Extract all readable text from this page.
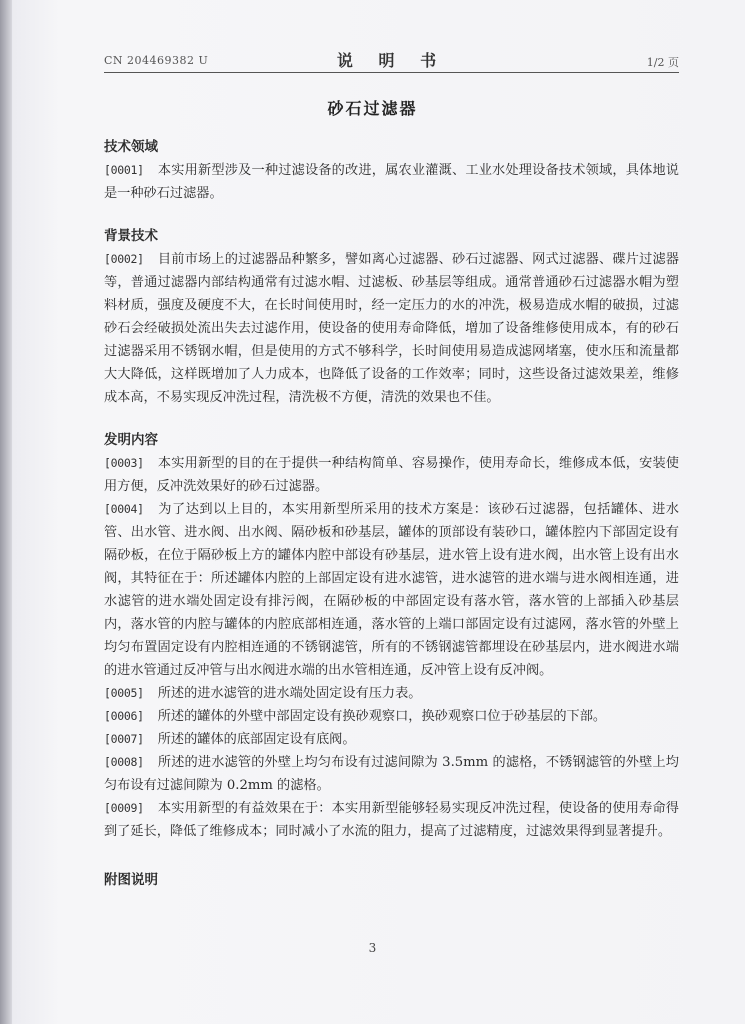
CN 204469382 U	说 明 书	1/2 页
砂石过滤器

技术领域

[0001] 本实用新型涉及一种过滤设备的改进，属农业灌溉、工业水处理设备技术领域，具体地说是一种砂石过滤器。

背景技术

[0002] 目前市场上的过滤器品种繁多，譬如离心过滤器、砂石过滤器、网式过滤器、碟片过滤器等，普通过滤器内部结构通常有过滤水帽、过滤板、砂基层等组成。通常普通砂石过滤器水帽为塑料材质，强度及硬度不大，在长时间使用时，经一定压力的水的冲洗，极易造成水帽的破损，过滤砂石会经破损处流出失去过滤作用，使设备的使用寿命降低，增加了设备维修使用成本，有的砂石过滤器采用不锈钢水帽，但是使用的方式不够科学，长时间使用易造成滤网堵塞，使水压和流量都大大降低，这样既增加了人力成本，也降低了设备的工作效率；同时，这些设备过滤效果差，维修成本高，不易实现反冲洗过程，清洗极不方便，清洗的效果也不佳。

发明内容

[0003] 本实用新型的目的在于提供一种结构简单、容易操作，使用寿命长，维修成本低，安装使用方便，反冲洗效果好的砂石过滤器。

[0004] 为了达到以上目的，本实用新型所采用的技术方案是：该砂石过滤器，包括罐体、进水管、出水管、进水阀、出水阀、隔砂板和砂基层，罐体的顶部设有装砂口，罐体腔内下部固定设有隔砂板，在位于隔砂板上方的罐体内腔中部设有砂基层，进水管上设有进水阀，出水管上设有出水阀，其特征在于：所述罐体内腔的上部固定设有进水滤管，进水滤管的进水端与进水阀相连通，进水滤管的进水端处固定设有排污阀，在隔砂板的中部固定设有落水管，落水管的上部插入砂基层内，落水管的内腔与罐体的内腔底部相连通，落水管的上端口部固定设有过滤网，落水管的外壁上均匀布置固定设有内腔相连通的不锈钢滤管，所有的不锈钢滤管都埋设在砂基层内，进水阀进水端的进水管通过反冲管与出水阀进水端的出水管相连通，反冲管上设有反冲阀。

[0005] 所述的进水滤管的进水端处固定设有压力表。

[0006] 所述的罐体的外壁中部固定设有换砂观察口，换砂观察口位于砂基层的下部。

[0007] 所述的罐体的底部固定设有底阀。

[0008] 所述的进水滤管的外壁上均匀布设有过滤间隙为 3.5mm 的滤格，不锈钢滤管的外壁上均匀布设有过滤间隙为 0.2mm 的滤格。

[0009] 本实用新型的有益效果在于：本实用新型能够轻易实现反冲洗过程，使设备的使用寿命得到了延长，降低了维修成本；同时减小了水流的阻力，提高了过滤精度，过滤效果得到显著提升。

附图说明

3
